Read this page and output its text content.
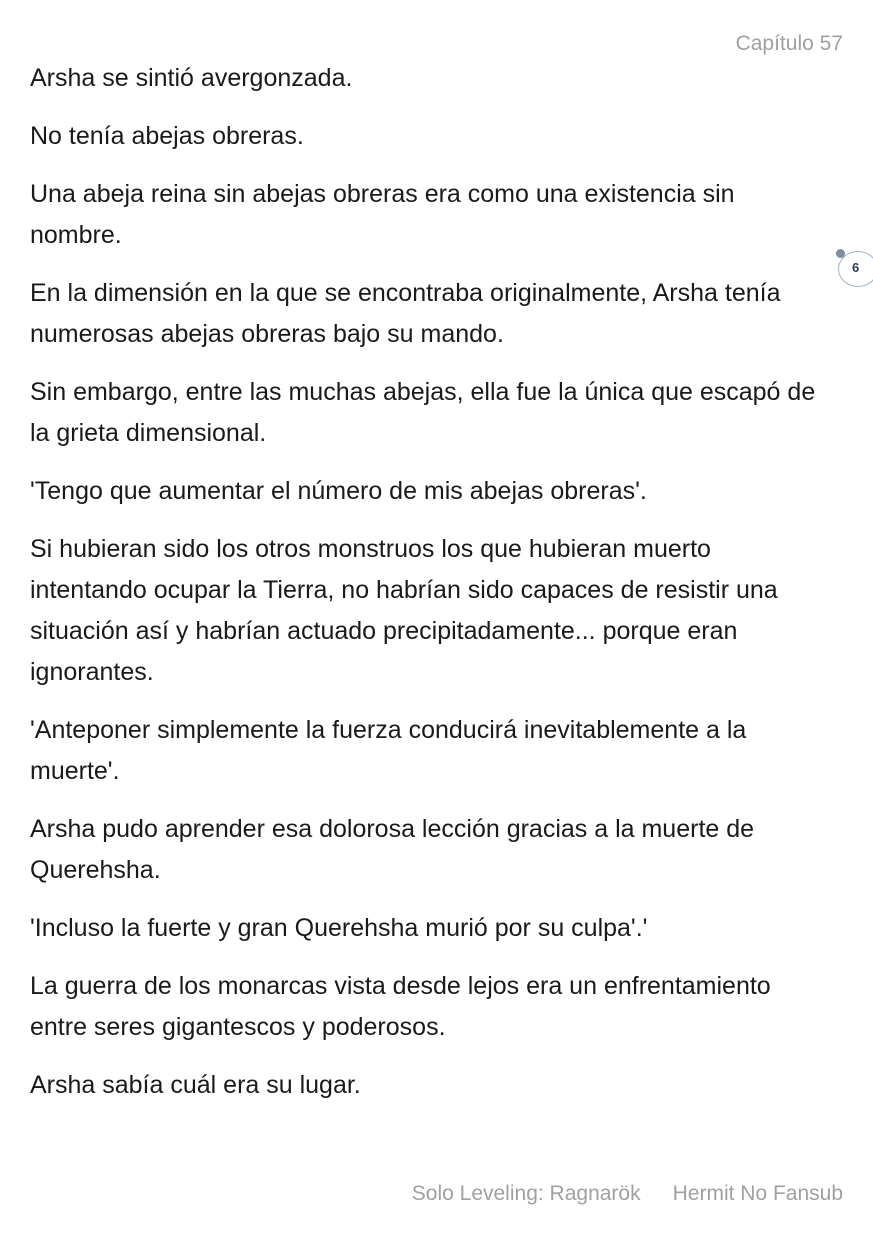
Capítulo 57

Arsha se sintió avergonzada.

No tenía abejas obreras.

Una abeja reina sin abejas obreras era como una existencia sin nombre.

En la dimensión en la que se encontraba originalmente, Arsha tenía numerosas abejas obreras bajo su mando.

Sin embargo, entre las muchas abejas, ella fue la única que escapó de la grieta dimensional.

'Tengo que aumentar el número de mis abejas obreras'.

Si hubieran sido los otros monstruos los que hubieran muerto intentando ocupar la Tierra, no habrían sido capaces de resistir una situación así y habrían actuado precipitadamente... porque eran ignorantes.

'Anteponer simplemente la fuerza conducirá inevitablemente a la muerte'.

Arsha pudo aprender esa dolorosa lección gracias a la muerte de Querehsha.

'Incluso la fuerte y gran Querehsha murió por su culpa'.'

La guerra de los monarcas vista desde lejos era un enfrentamiento entre seres gigantescos y poderosos.

Arsha sabía cuál era su lugar.

6
Solo Leveling: Ragnarök Hermit No Fansub
